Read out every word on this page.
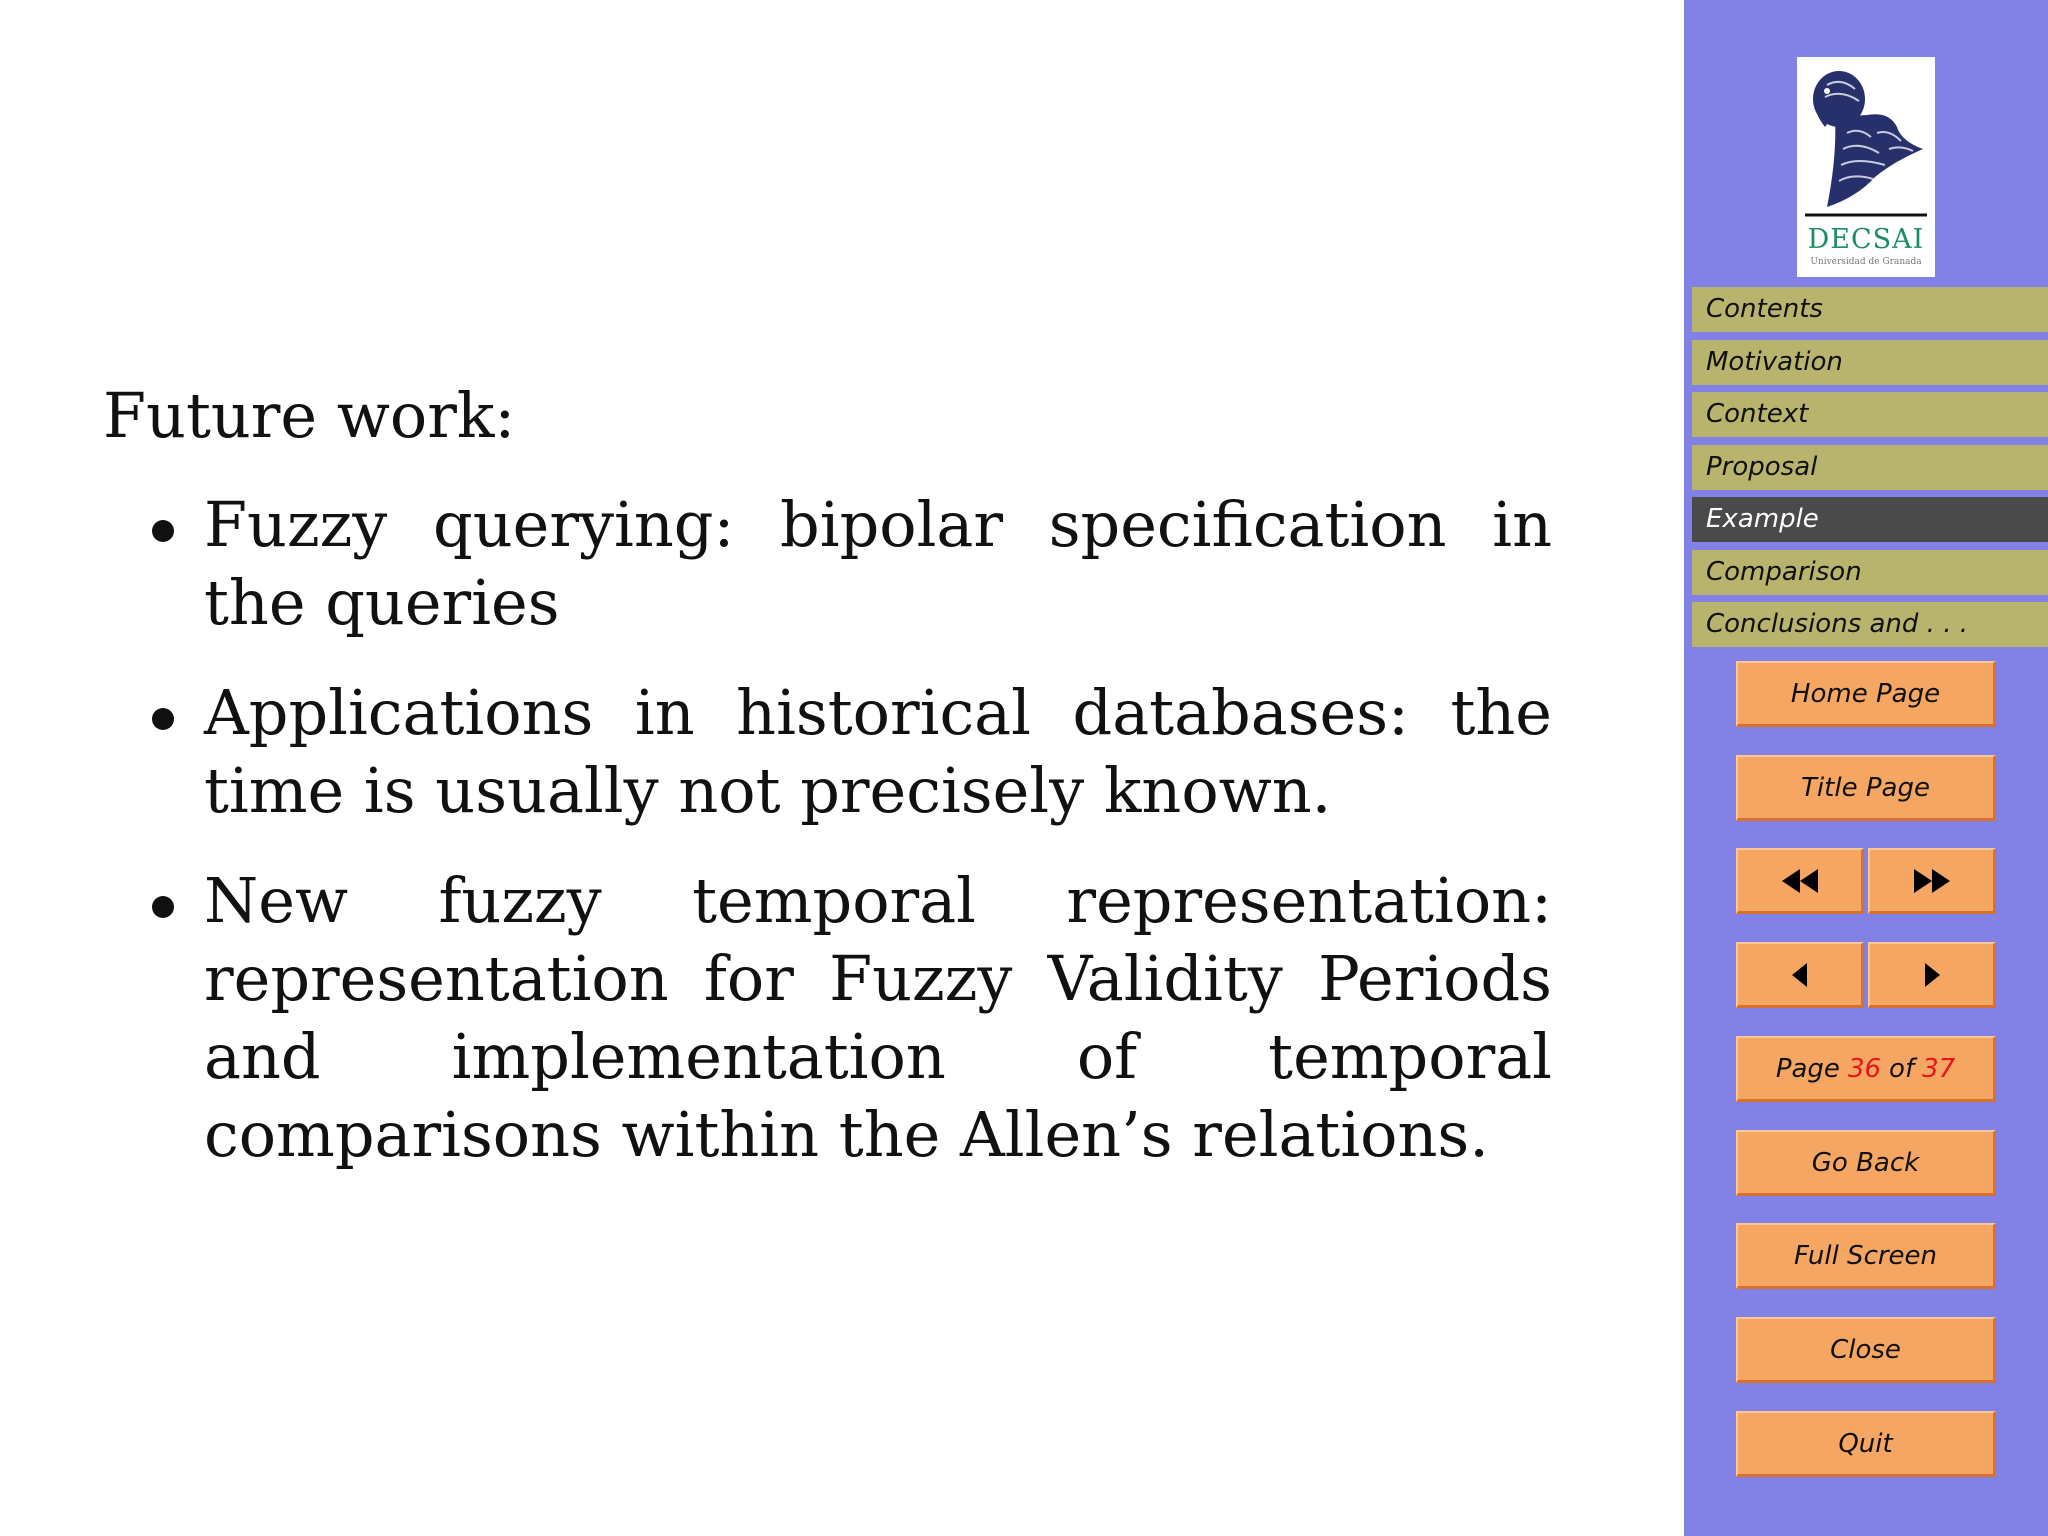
Future work:
Fuzzy querying: bipolar specification in the queries
Applications in historical databases: the time is usually not precisely known.
New fuzzy temporal representation: representation for Fuzzy Validity Periods and implementation of temporal comparisons within the Allen’s relations.
DECSAI
Universidad de Granada
Contents
Motivation
Context
Proposal
Example
Comparison
Conclusions and . . .
Home Page
Title Page
Page 36 of 37
Go Back
Full Screen
Close
Quit
